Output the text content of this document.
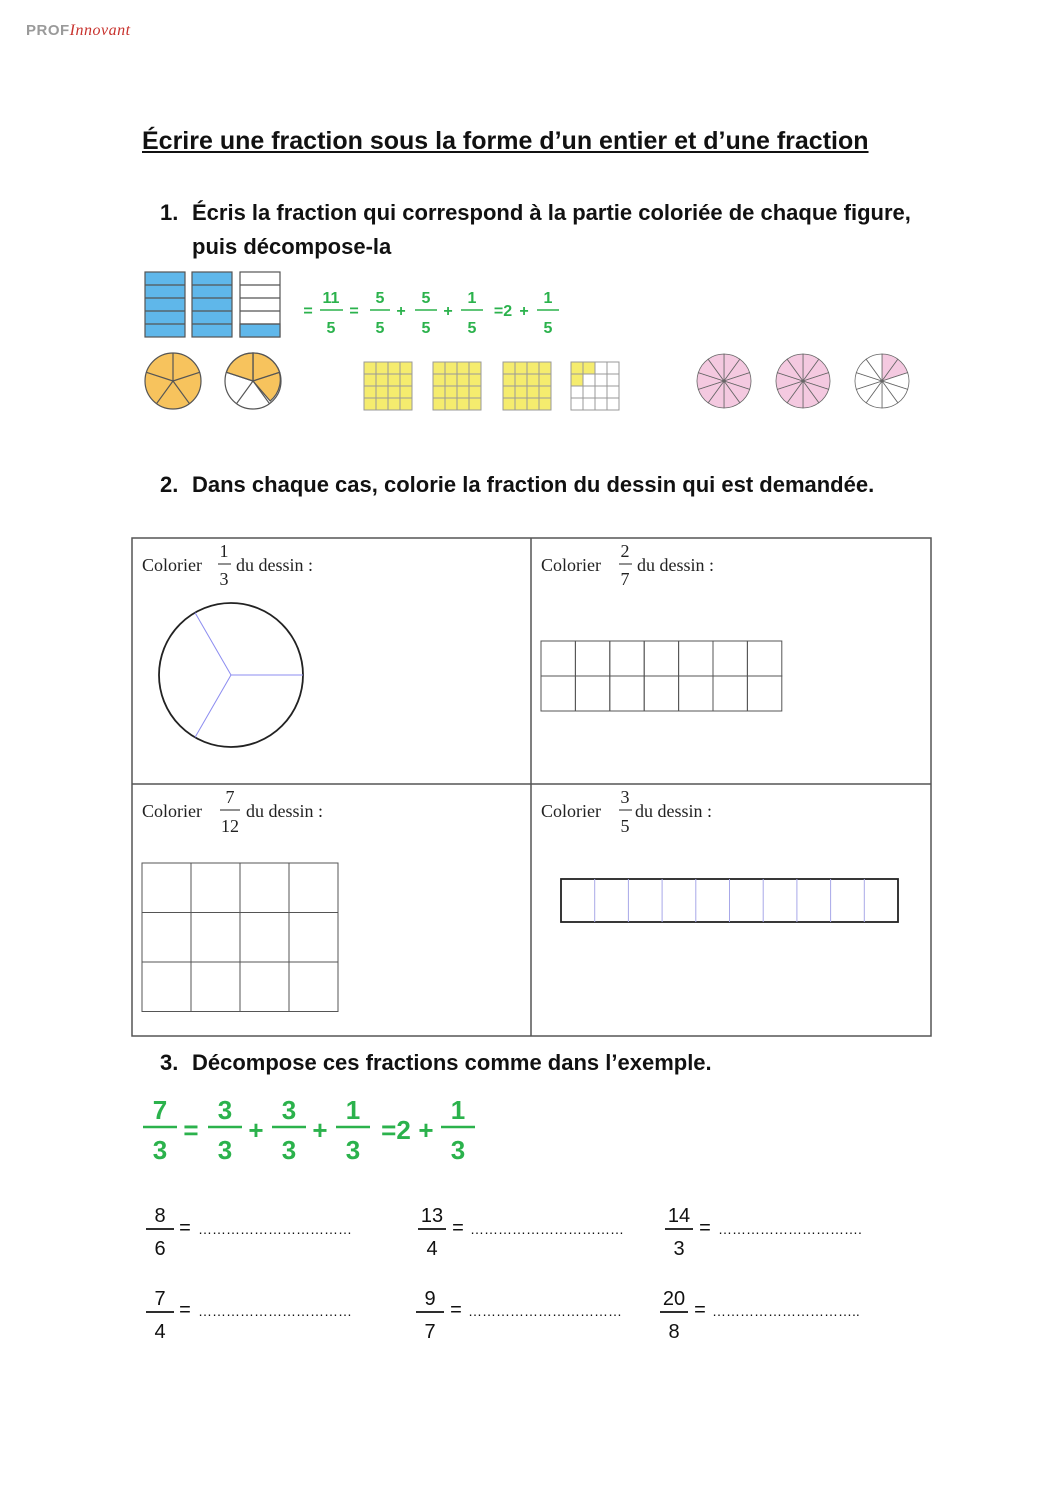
PROFInnovant
Écrire une fraction sous la forme d’un entier et d’une fraction
1. Écris la fraction qui correspond à la partie coloriée de chaque figure, puis décompose-la
=
11
5
=
5
5
+
5
5
+
1
5
=2 +
1
5
2. Dans chaque cas, colorie la fraction du dessin qui est demandée.
Colorier
1
3
du dessin :	Colorier
2
7
du dessin :
Colorier
7
12
du dessin :	Colorier
3
5
du dessin :
3. Décompose ces fractions comme dans l’exemple.
7
3
=
3
3
+
3
3
+
1
3
=2 +
1
3
8
6
= ……………………………
13
4
= ……………………………
14
3
= ………………………….
7
4
= ……………………………
9
7
= ……………………………
20
8
= …………………………..
